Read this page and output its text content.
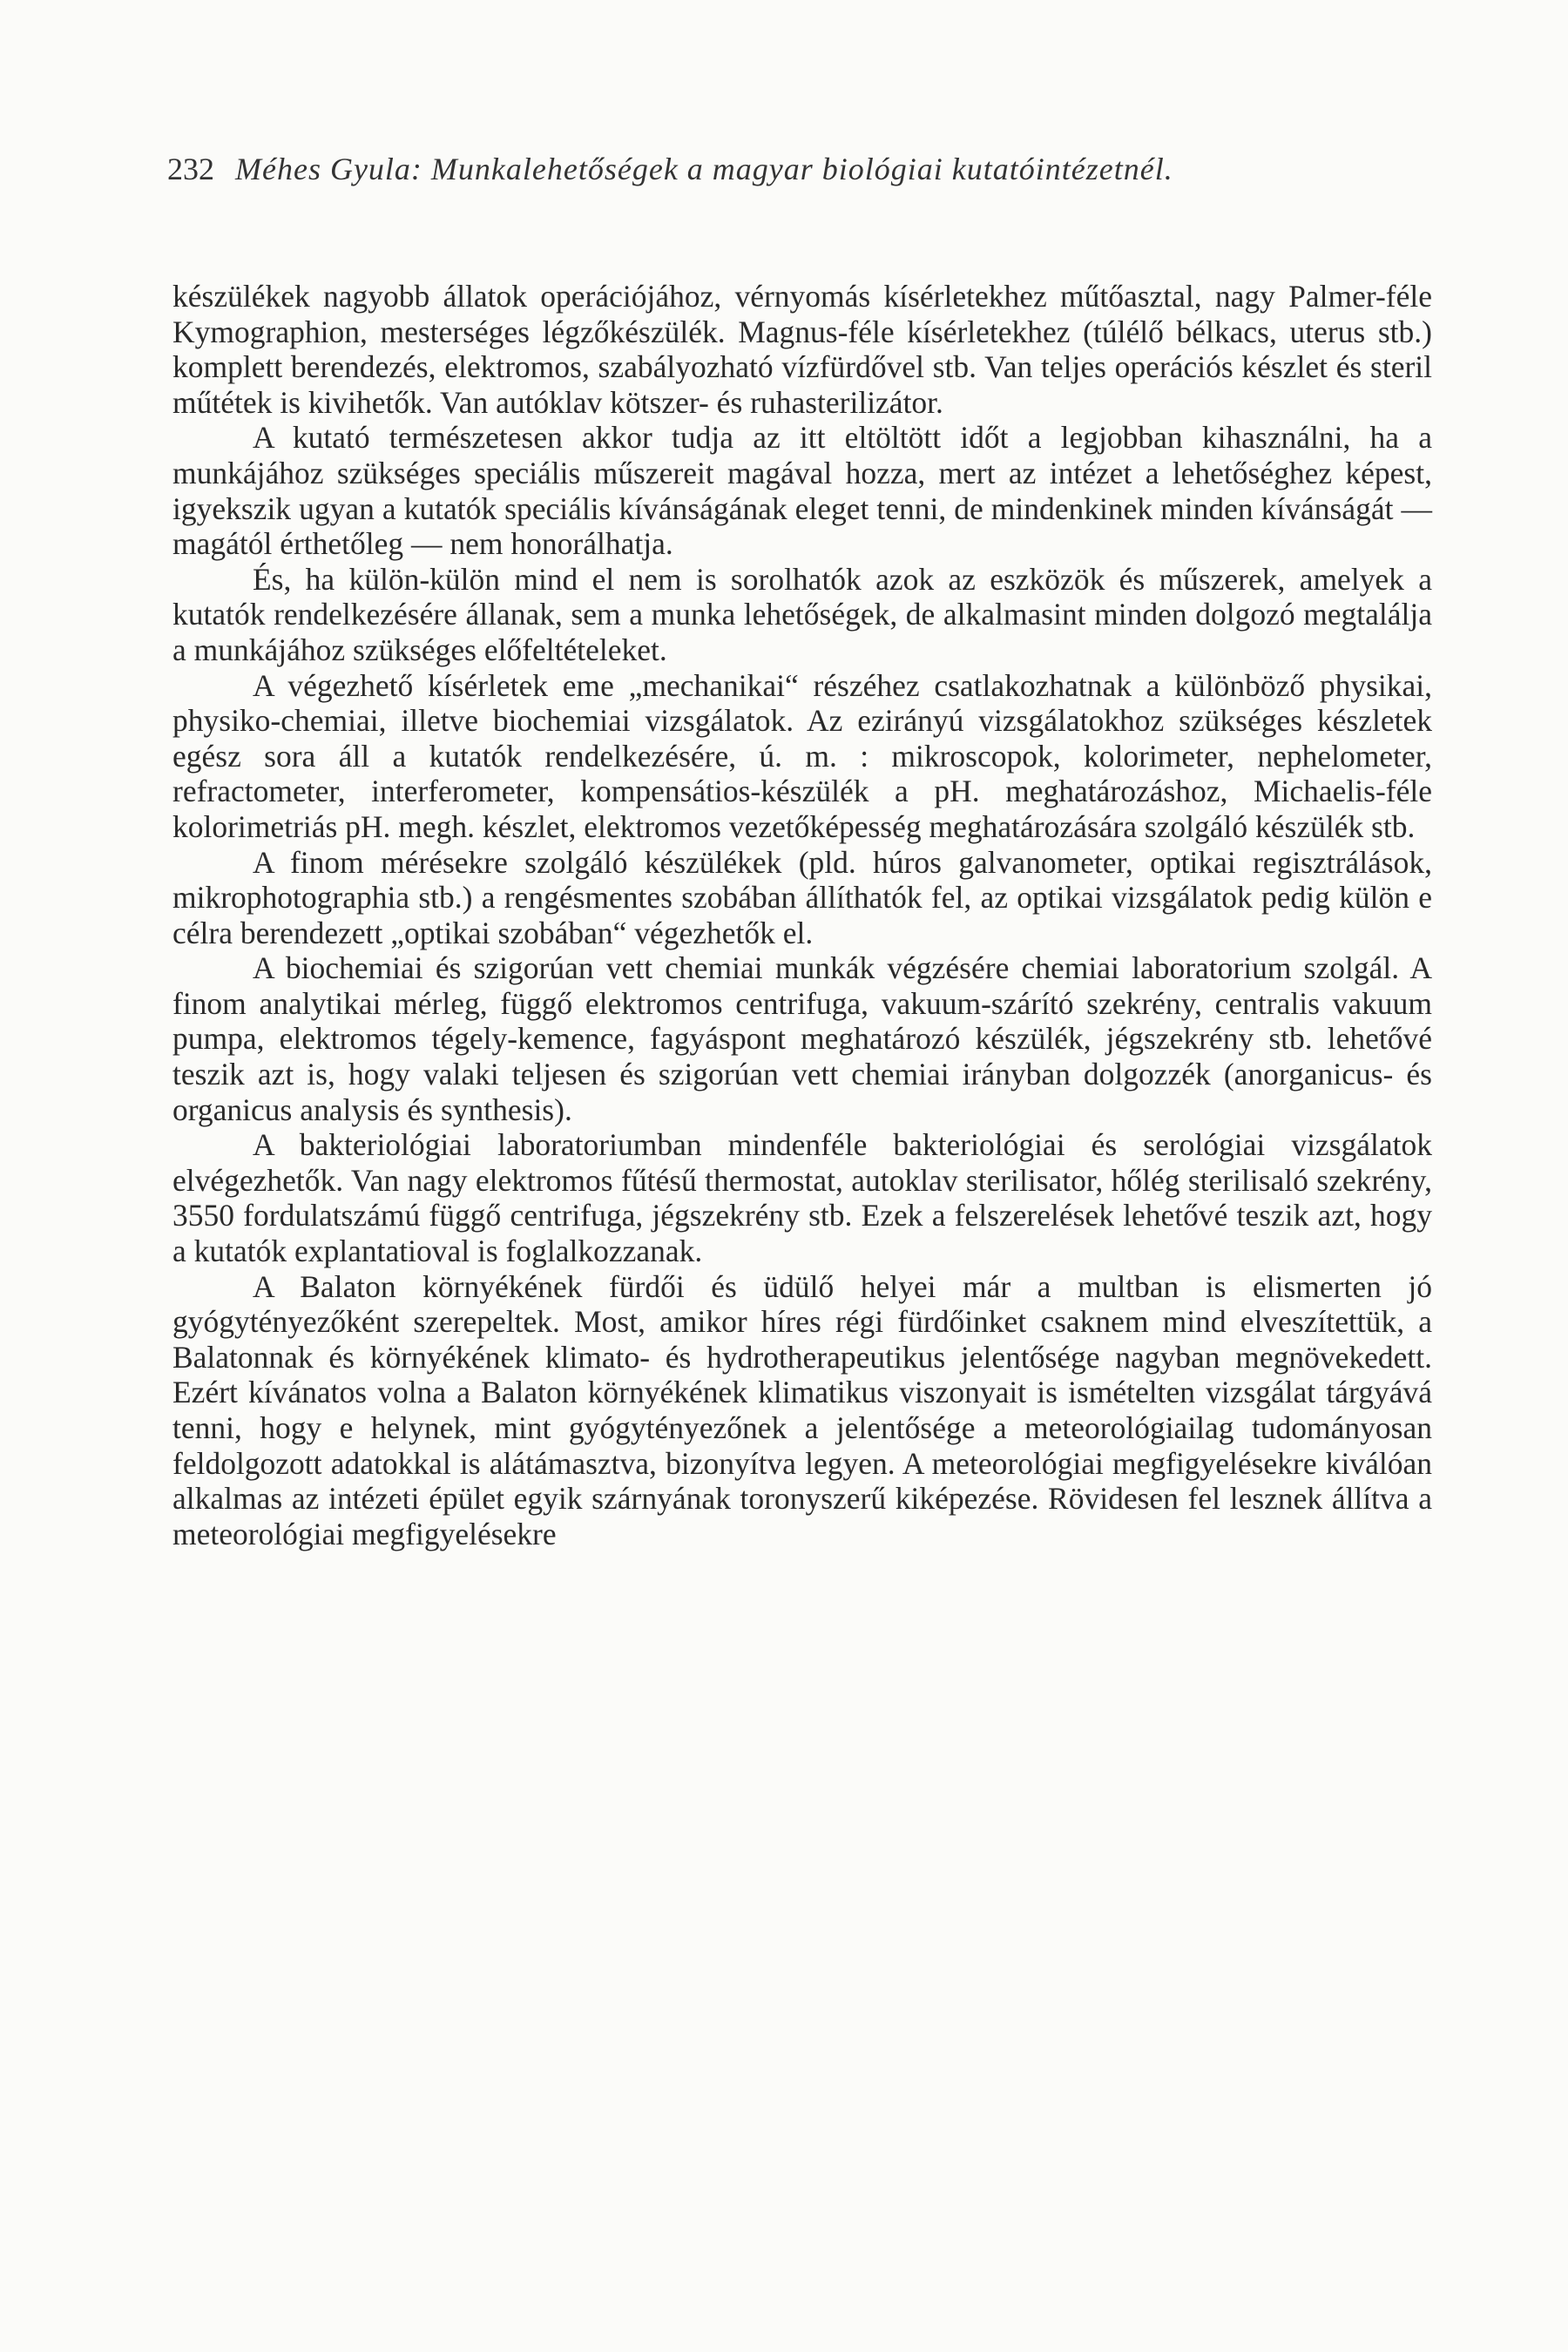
232 Méhes Gyula: Munkalehetőségek a magyar biológiai kutatóintézetnél.

készülékek nagyobb állatok operációjához, vérnyomás kísérletekhez műtőasztal, nagy Palmer-féle Kymographion, mesterséges légzőkészülék. Magnus-féle kísérletekhez (túlélő bélkacs, uterus stb.) komplett berendezés, elektromos, szabályozható vízfürdővel stb. Van teljes operációs készlet és steril műtétek is kivihetők. Van autóklav kötszer- és ruhasterilizátor.

A kutató természetesen akkor tudja az itt eltöltött időt a legjobban kihasználni, ha a munkájához szükséges speciális műszereit magával hozza, mert az intézet a lehetőséghez képest, igyekszik ugyan a kutatók speciális kívánságának eleget tenni, de mindenkinek minden kívánságát — magától érthetőleg — nem honorálhatja.

És, ha külön-külön mind el nem is sorolhatók azok az eszközök és műszerek, amelyek a kutatók rendelkezésére állanak, sem a munka lehetőségek, de alkalmasint minden dolgozó megtalálja a munkájához szükséges előfeltételeket.

A végezhető kísérletek eme „mechanikai“ részéhez csatlakozhatnak a különböző physikai, physiko-chemiai, illetve biochemiai vizsgálatok. Az ezirányú vizsgálatokhoz szükséges készletek egész sora áll a kutatók rendelkezésére, ú. m. : mikroscopok, kolorimeter, nephelometer, refractometer, interferometer, kompensátios-készülék a pH. meghatározáshoz, Michaelis-féle kolorimetriás pH. megh. készlet, elektromos vezetőképesség meghatározására szolgáló készülék stb.

A finom mérésekre szolgáló készülékek (pld. húros galvanometer, optikai regisztrálások, mikrophotographia stb.) a rengésmentes szobában állíthatók fel, az optikai vizsgálatok pedig külön e célra berendezett „optikai szobában“ végezhetők el.

A biochemiai és szigorúan vett chemiai munkák végzésére chemiai laboratorium szolgál. A finom analytikai mérleg, függő elektromos centrifuga, vakuum-szárító szekrény, centralis vakuum pumpa, elektromos tégely-kemence, fagyáspont meghatározó készülék, jégszekrény stb. lehetővé teszik azt is, hogy valaki teljesen és szigorúan vett chemiai irányban dolgozzék (anorganicus- és organicus analysis és synthesis).

A bakteriológiai laboratoriumban mindenféle bakteriológiai és serológiai vizsgálatok elvégezhetők. Van nagy elektromos fűtésű thermostat, autoklav sterilisator, hőlég sterilisaló szekrény, 3550 fordulatszámú függő centrifuga, jégszekrény stb. Ezek a felszerelések lehetővé teszik azt, hogy a kutatók explantatioval is foglalkozzanak.

A Balaton környékének fürdői és üdülő helyei már a multban is elismerten jó gyógytényezőként szerepeltek. Most, amikor híres régi fürdőinket csaknem mind elveszítettük, a Balatonnak és környékének klimato- és hydrotherapeutikus jelentősége nagyban megnövekedett. Ezért kívánatos volna a Balaton környékének klimatikus viszonyait is ismételten vizsgálat tárgyává tenni, hogy e helynek, mint gyógytényezőnek a jelentősége a meteorológiailag tudományosan feldolgozott adatokkal is alátámasztva, bizonyítva legyen. A meteorológiai megfigyelésekre kiválóan alkalmas az intézeti épület egyik szárnyának toronyszerű kiképezése. Rövidesen fel lesznek állítva a meteorológiai megfigyelésekre
